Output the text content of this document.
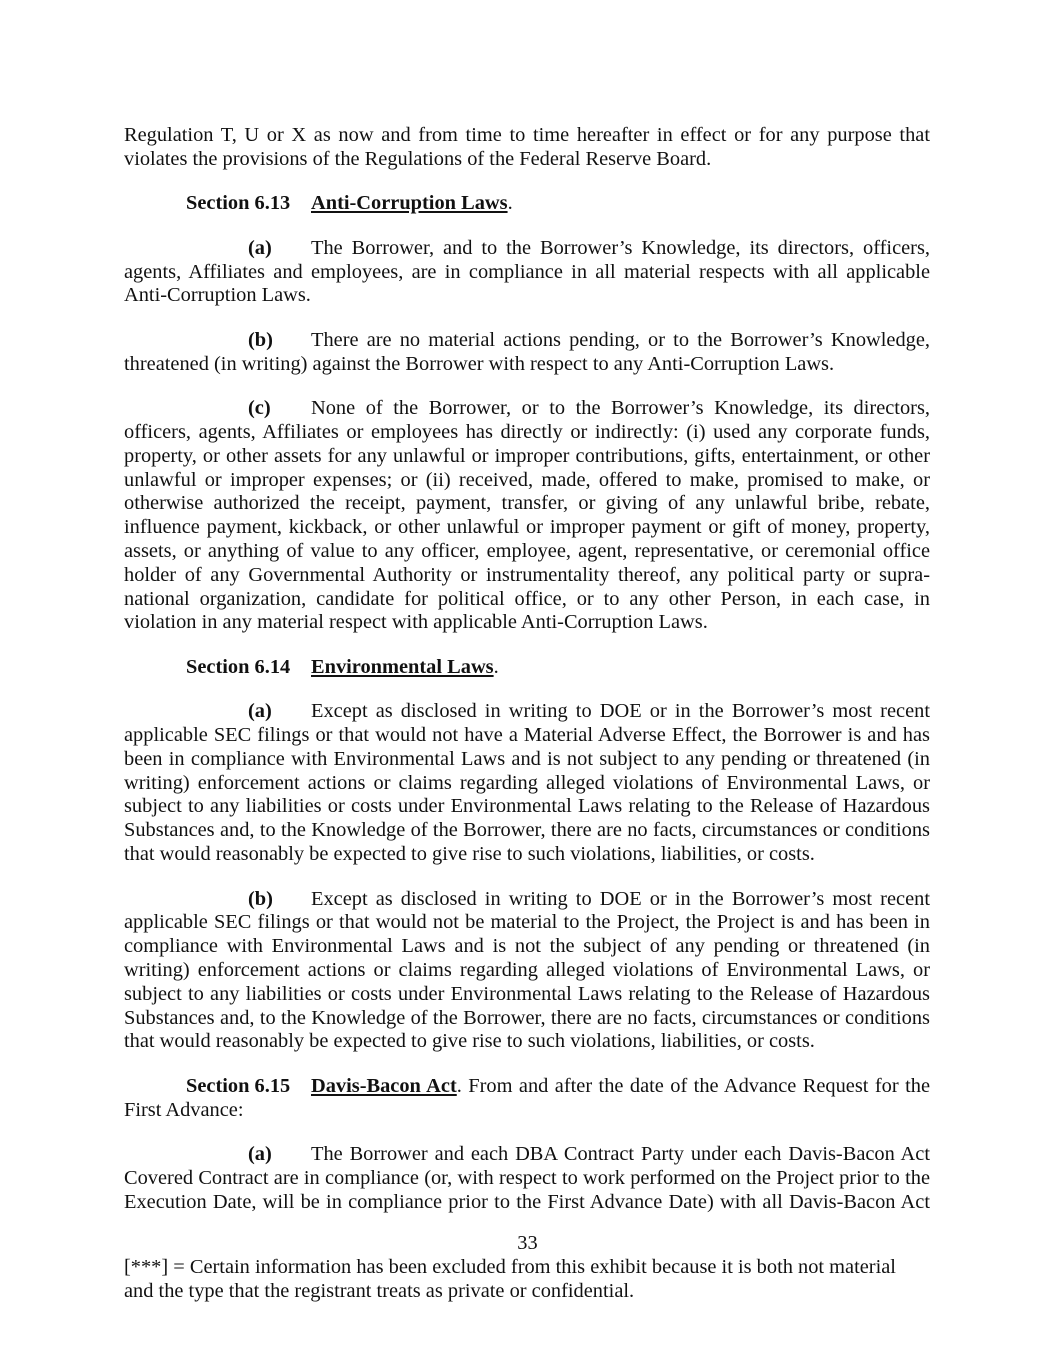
Regulation T, U or X as now and from time to time hereafter in effect or for any purpose that
violates the provisions of the Regulations of the Federal Reserve Board.
Section 6.13 Anti-Corruption Laws.
(a) The Borrower, and to the Borrower’s Knowledge, its directors, officers,
agents, Affiliates and employees, are in compliance in all material respects with all applicable
Anti-Corruption Laws.
(b) There are no material actions pending, or to the Borrower’s Knowledge,
threatened (in writing) against the Borrower with respect to any Anti-Corruption Laws.
(c) None of the Borrower, or to the Borrower’s Knowledge, its directors,
officers, agents, Affiliates or employees has directly or indirectly: (i) used any corporate funds,
property, or other assets for any unlawful or improper contributions, gifts, entertainment, or other
unlawful or improper expenses; or (ii) received, made, offered to make, promised to make, or
otherwise authorized the receipt, payment, transfer, or giving of any unlawful bribe, rebate,
influence payment, kickback, or other unlawful or improper payment or gift of money, property,
assets, or anything of value to any officer, employee, agent, representative, or ceremonial office
holder of any Governmental Authority or instrumentality thereof, any political party or supra-
national organization, candidate for political office, or to any other Person, in each case, in
violation in any material respect with applicable Anti-Corruption Laws.
Section 6.14 Environmental Laws.
(a) Except as disclosed in writing to DOE or in the Borrower’s most recent
applicable SEC filings or that would not have a Material Adverse Effect, the Borrower is and has
been in compliance with Environmental Laws and is not subject to any pending or threatened (in
writing) enforcement actions or claims regarding alleged violations of Environmental Laws, or
subject to any liabilities or costs under Environmental Laws relating to the Release of Hazardous
Substances and, to the Knowledge of the Borrower, there are no facts, circumstances or conditions
that would reasonably be expected to give rise to such violations, liabilities, or costs.
(b) Except as disclosed in writing to DOE or in the Borrower’s most recent
applicable SEC filings or that would not be material to the Project, the Project is and has been in
compliance with Environmental Laws and is not the subject of any pending or threatened (in
writing) enforcement actions or claims regarding alleged violations of Environmental Laws, or
subject to any liabilities or costs under Environmental Laws relating to the Release of Hazardous
Substances and, to the Knowledge of the Borrower, there are no facts, circumstances or conditions
that would reasonably be expected to give rise to such violations, liabilities, or costs.
Section 6.15 Davis-Bacon Act. From and after the date of the Advance Request for the
First Advance:
(a) The Borrower and each DBA Contract Party under each Davis-Bacon Act
Covered Contract are in compliance (or, with respect to work performed on the Project prior to the
Execution Date, will be in compliance prior to the First Advance Date) with all Davis-Bacon Act
33
[***] = Certain information has been excluded from this exhibit because it is both not material
and the type that the registrant treats as private or confidential.
